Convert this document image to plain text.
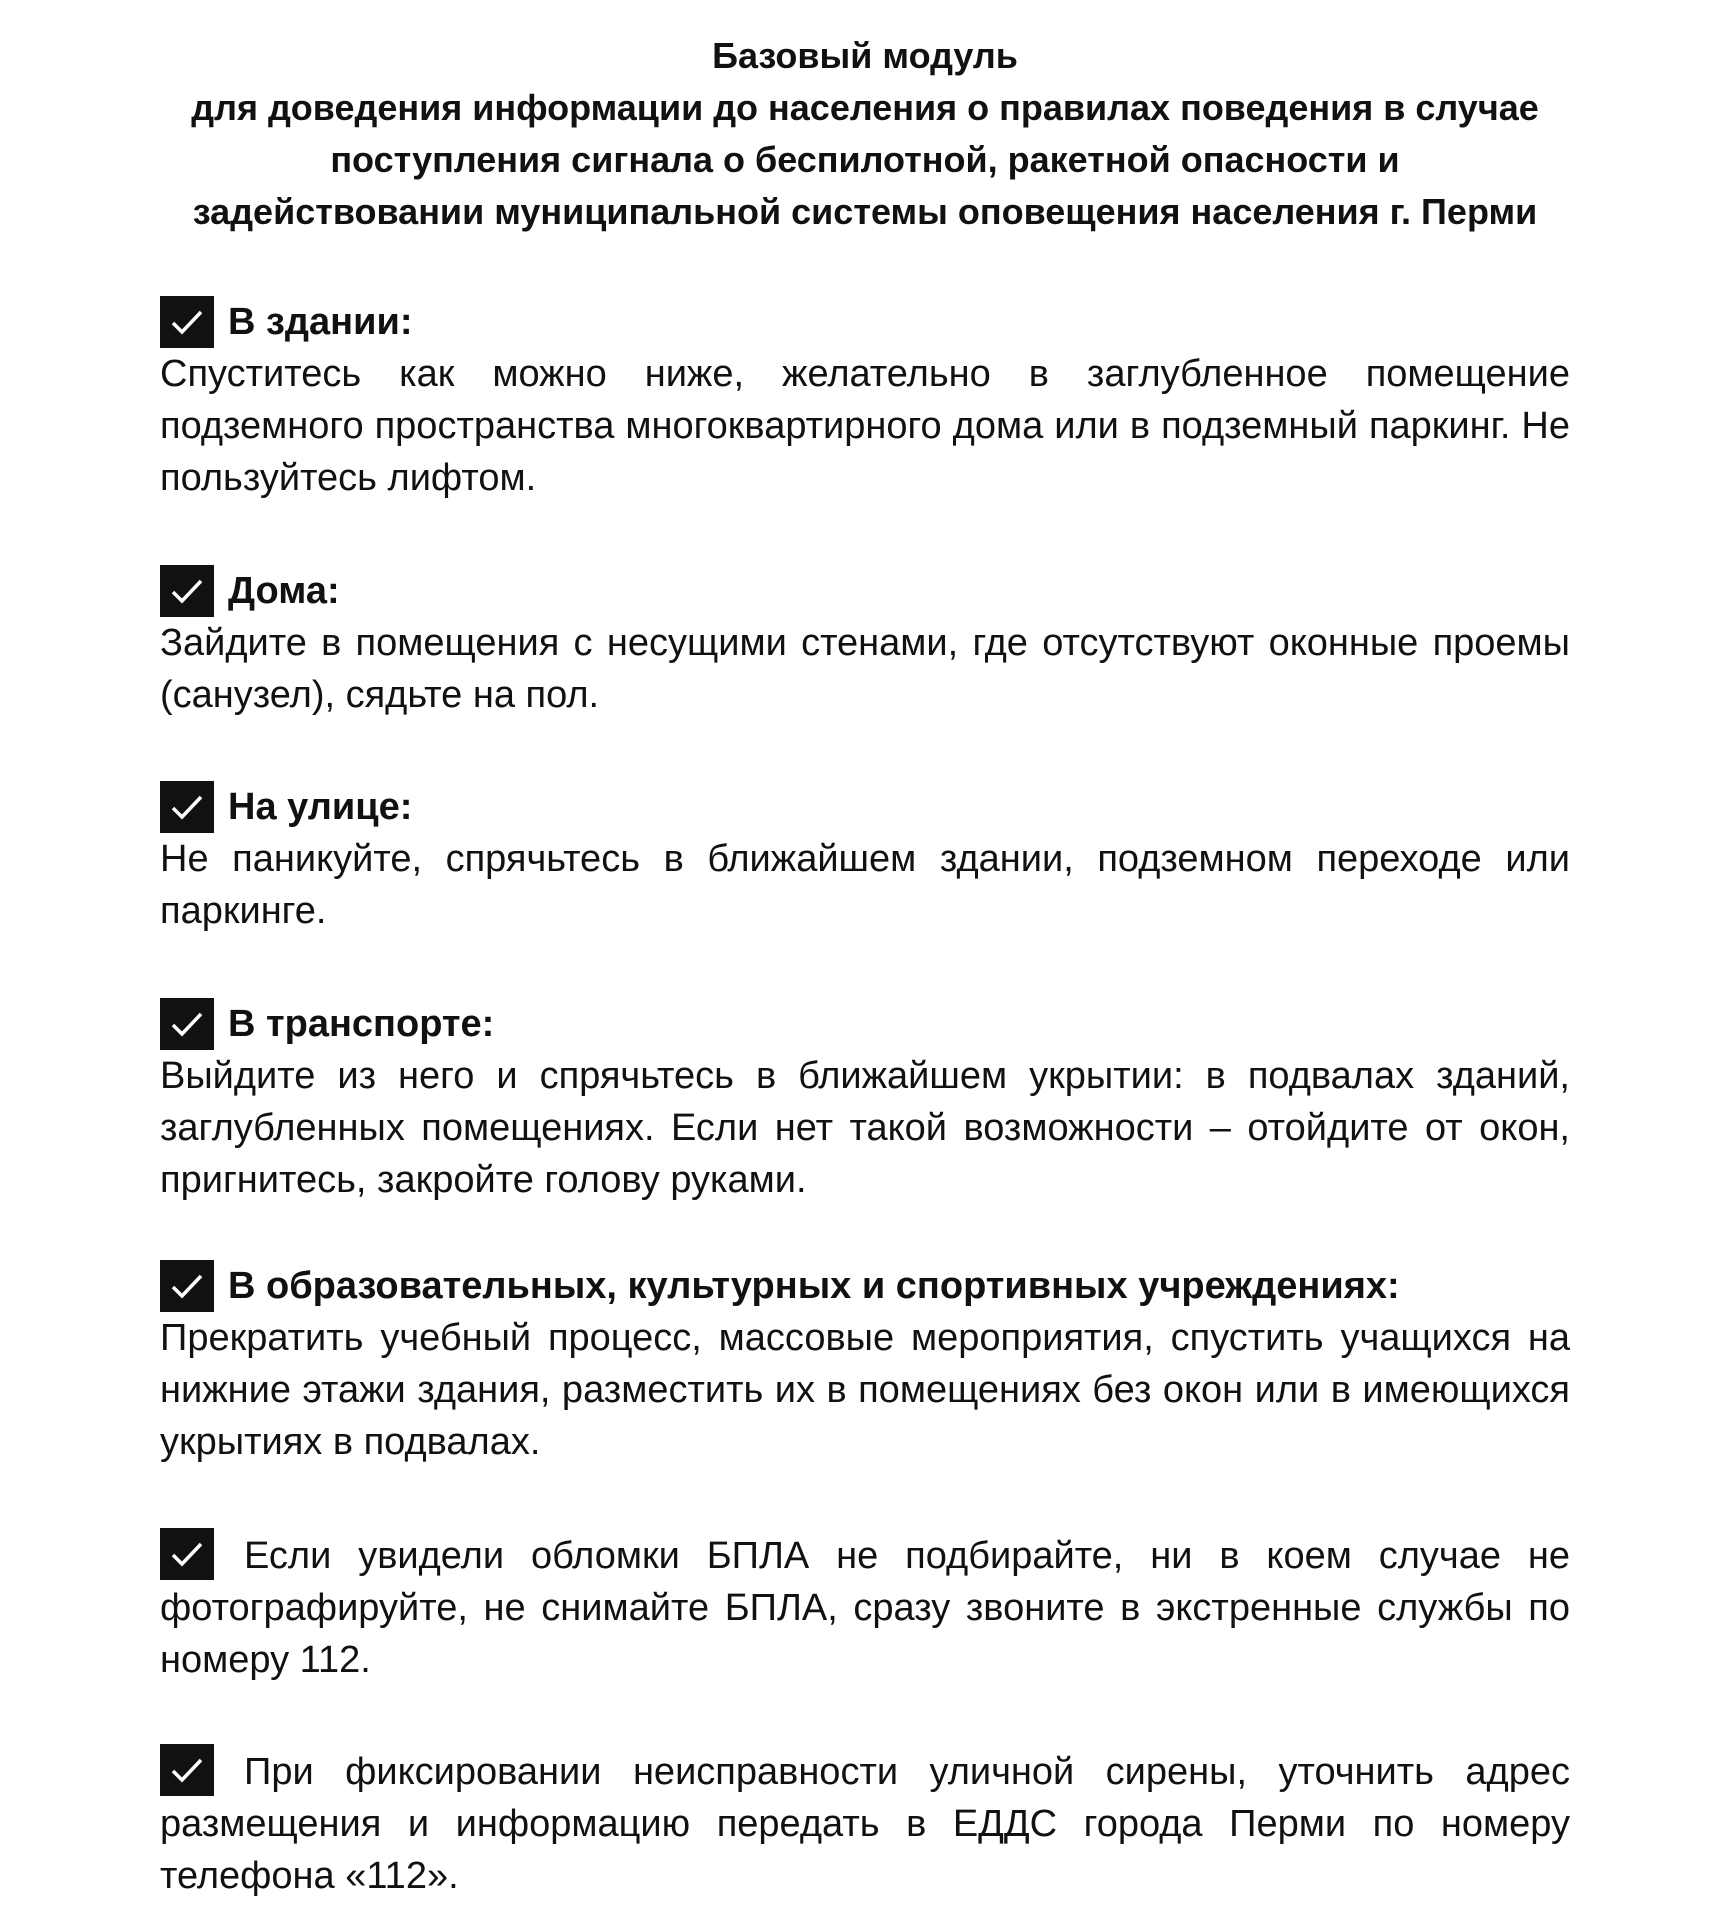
Базовый модуль
для доведения информации до населения о правилах поведения в случае
поступления сигнала о беспилотной, ракетной опасности и
задействовании муниципальной системы оповещения населения г. Перми
В здании:
Спуститесь как можно ниже, желательно в заглубленное помещение подземного пространства многоквартирного дома или в подземный паркинг. Не пользуйтесь лифтом.
Дома:
Зайдите в помещения с несущими стенами, где отсутствуют оконные проемы (санузел), сядьте на пол.
На улице:
Не паникуйте, спрячьтесь в ближайшем здании, подземном переходе или паркинге.
В транспорте:
Выйдите из него и спрячьтесь в ближайшем укрытии: в подвалах зданий, заглубленных помещениях. Если нет такой возможности – отойдите от окон, пригнитесь, закройте голову руками.
В образовательных, культурных и спортивных учреждениях:
Прекратить учебный процесс, массовые мероприятия, спустить учащихся на нижние этажи здания, разместить их в помещениях без окон или в имеющихся укрытиях в подвалах.
Если увидели обломки БПЛА не подбирайте, ни в коем случае не фотографируйте, не снимайте БПЛА, сразу звоните в экстренные службы по номеру 112.
При фиксировании неисправности уличной сирены, уточнить адрес размещения и информацию передать в ЕДДС города Перми по номеру телефона «112».
